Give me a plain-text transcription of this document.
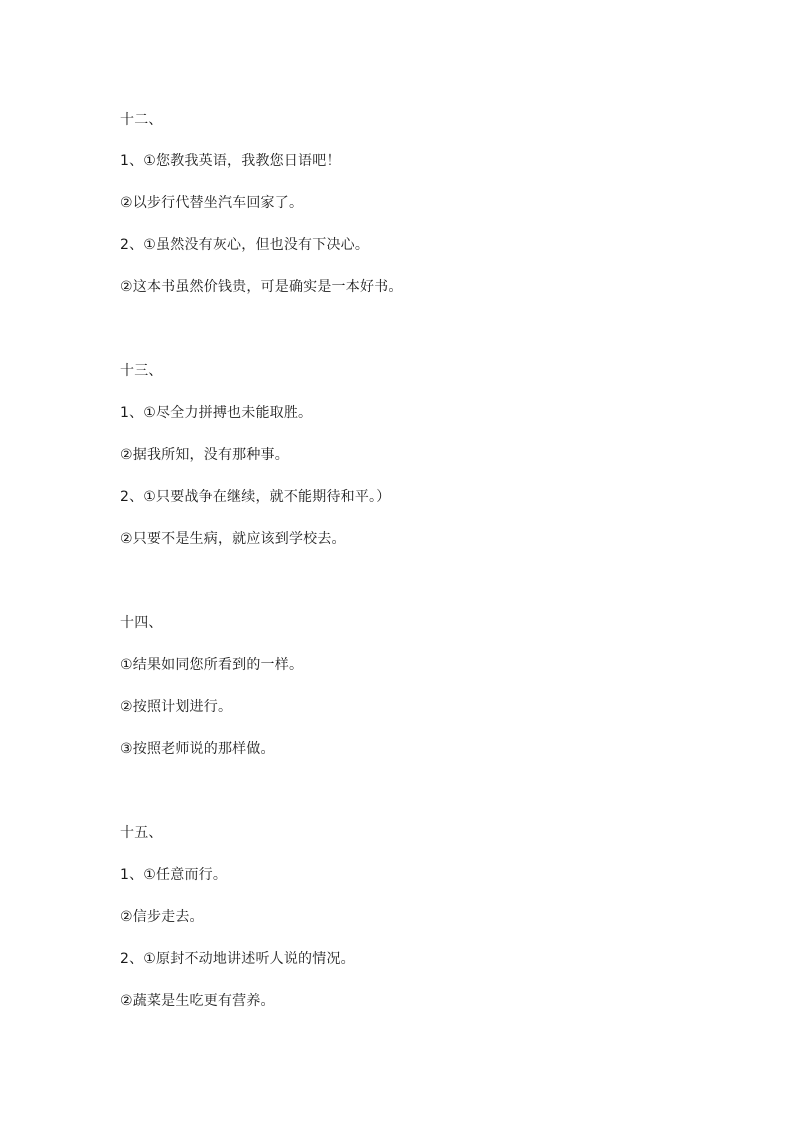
十二、
1、①您教我英语，我教您日语吧！
②以步行代替坐汽车回家了。
2、①虽然没有灰心，但也没有下决心。
②这本书虽然价钱贵，可是确实是一本好书。
十三、
1、①尽全力拼搏也未能取胜。
②据我所知，没有那种事。
2、①只要战争在继续，就不能期待和平。）
②只要不是生病，就应该到学校去。
十四、
①结果如同您所看到的一样。
②按照计划进行。
③按照老师说的那样做。
十五、
1、①任意而行。
②信步走去。
2、①原封不动地讲述听人说的情况。
②蔬菜是生吃更有营养。
